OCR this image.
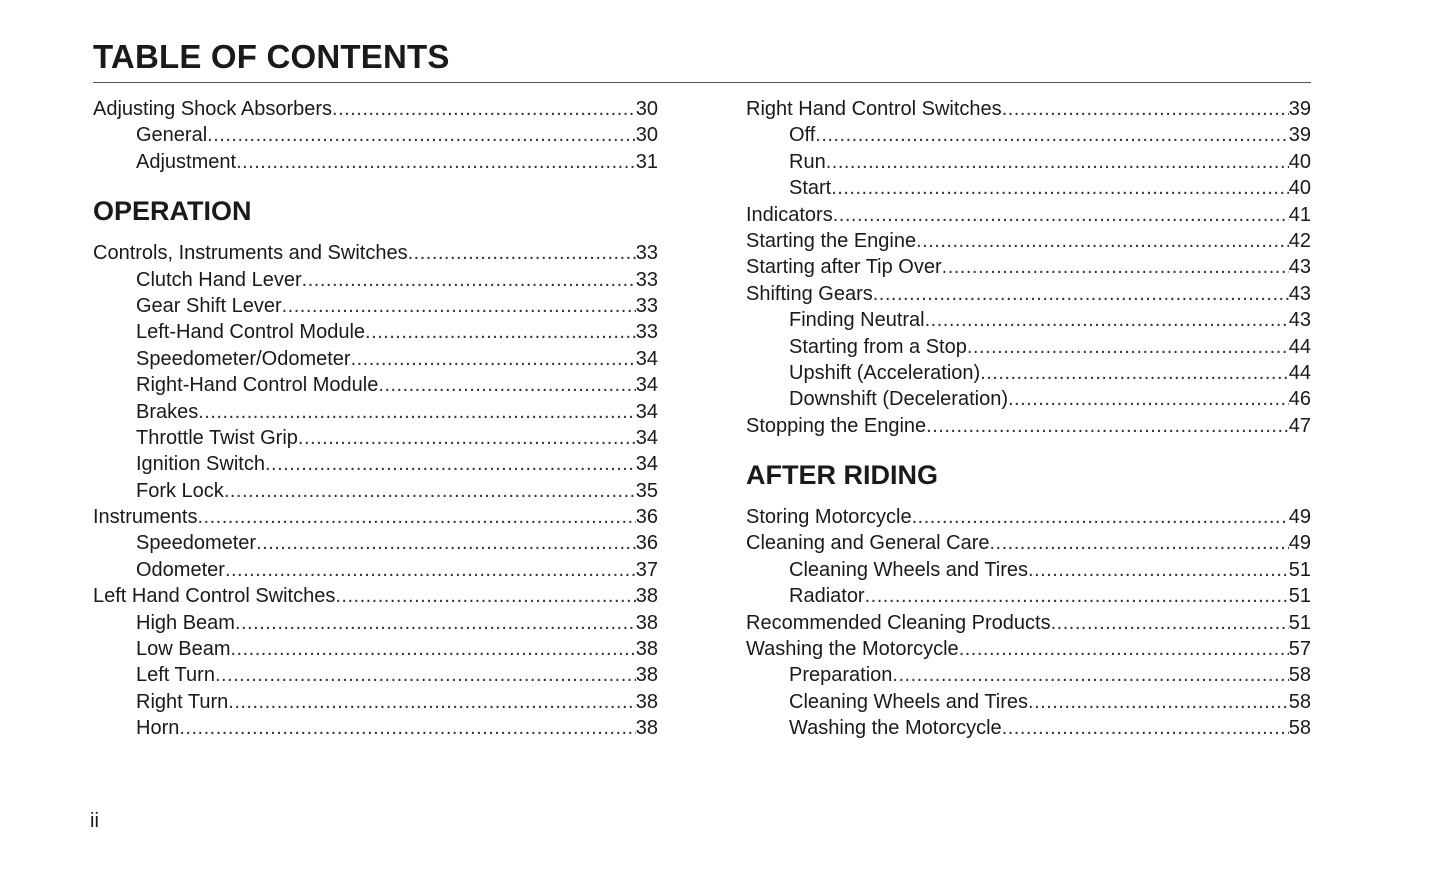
TABLE OF CONTENTS
Adjusting Shock Absorbers .....	30
General .....	30
Adjustment .....	31
OPERATION
Controls, Instruments and Switches .....	33
Clutch Hand Lever .....	33
Gear Shift Lever .....	33
Left-Hand Control Module .....	33
Speedometer/Odometer .....	34
Right-Hand Control Module .....	34
Brakes .....	34
Throttle Twist Grip .....	34
Ignition Switch .....	34
Fork Lock .....	35
Instruments .....	36
Speedometer .....	36
Odometer .....	37
Left Hand Control Switches .....	38
High Beam .....	38
Low Beam .....	38
Left Turn .....	38
Right Turn .....	38
Horn .....	38
Right Hand Control Switches .....	39
Off .....	39
Run .....	40
Start .....	40
Indicators .....	41
Starting the Engine .....	42
Starting after Tip Over .....	43
Shifting Gears .....	43
Finding Neutral .....	43
Starting from a Stop .....	44
Upshift (Acceleration) .....	44
Downshift (Deceleration) .....	46
Stopping the Engine .....	47
AFTER RIDING
Storing Motorcycle .....	49
Cleaning and General Care .....	49
Cleaning Wheels and Tires .....	51
Radiator .....	51
Recommended Cleaning Products .....	51
Washing the Motorcycle .....	57
Preparation .....	58
Cleaning Wheels and Tires .....	58
Washing the Motorcycle .....	58
ii
